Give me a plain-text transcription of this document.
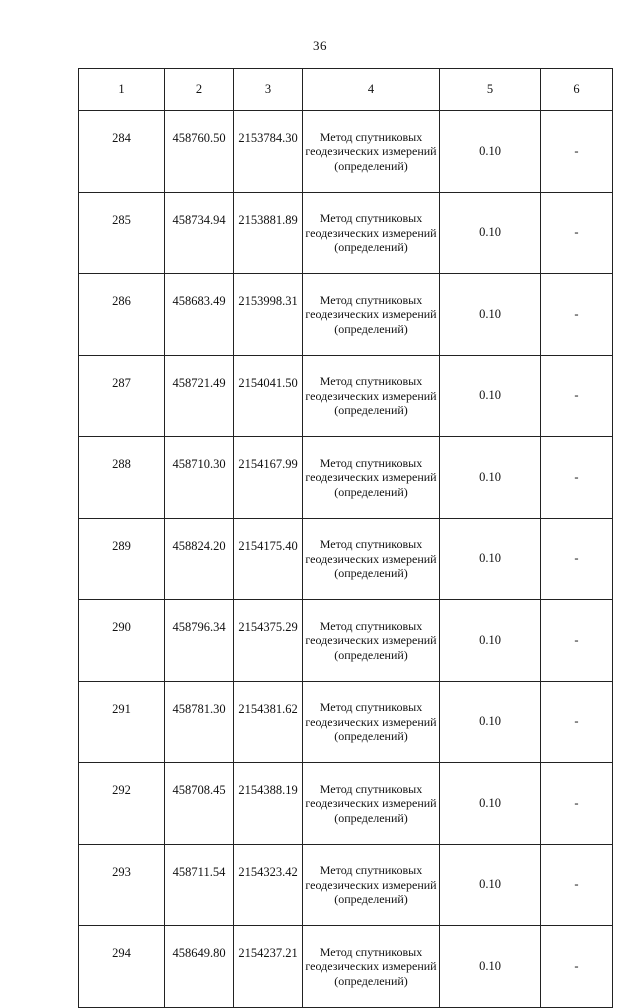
36
1	2	3	4	5	6
284	458760.50	2153784.30	Метод спутниковых геодезических измерений (определений)	0.10	-
285	458734.94	2153881.89	Метод спутниковых геодезических измерений (определений)	0.10	-
286	458683.49	2153998.31	Метод спутниковых геодезических измерений (определений)	0.10	-
287	458721.49	2154041.50	Метод спутниковых геодезических измерений (определений)	0.10	-
288	458710.30	2154167.99	Метод спутниковых геодезических измерений (определений)	0.10	-
289	458824.20	2154175.40	Метод спутниковых геодезических измерений (определений)	0.10	-
290	458796.34	2154375.29	Метод спутниковых геодезических измерений (определений)	0.10	-
291	458781.30	2154381.62	Метод спутниковых геодезических измерений (определений)	0.10	-
292	458708.45	2154388.19	Метод спутниковых геодезических измерений (определений)	0.10	-
293	458711.54	2154323.42	Метод спутниковых геодезических измерений (определений)	0.10	-
294	458649.80	2154237.21	Метод спутниковых геодезических измерений (определений)	0.10	-
